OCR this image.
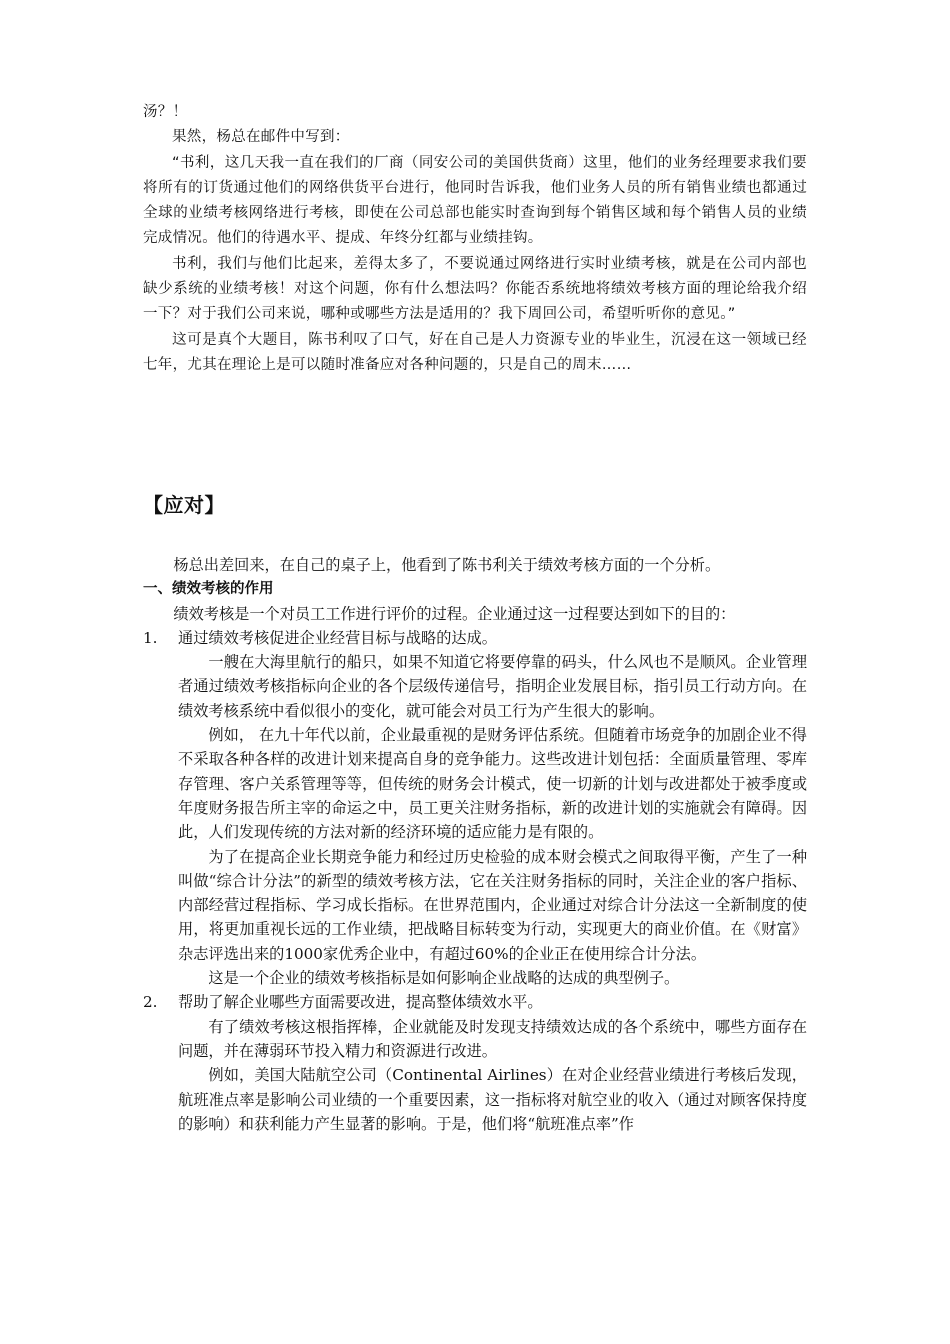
汤？！

果然，杨总在邮件中写到：

“书利，这几天我一直在我们的厂商（同安公司的美国供货商）这里，他们的业务经理要求我们要将所有的订货通过他们的网络供货平台进行，他同时告诉我，他们业务人员的所有销售业绩也都通过全球的业绩考核网络进行考核，即使在公司总部也能实时查询到每个销售区域和每个销售人员的业绩完成情况。他们的待遇水平、提成、年终分红都与业绩挂钩。

书利，我们与他们比起来，差得太多了，不要说通过网络进行实时业绩考核，就是在公司内部也缺少系统的业绩考核！对这个问题，你有什么想法吗？你能否系统地将绩效考核方面的理论给我介绍一下？对于我们公司来说，哪种或哪些方法是适用的？我下周回公司，希望听听你的意见。”

这可是真个大题目，陈书利叹了口气，好在自己是人力资源专业的毕业生，沉浸在这一领域已经七年，尤其在理论上是可以随时准备应对各种问题的，只是自己的周末……

【应对】

杨总出差回来，在自己的桌子上，他看到了陈书利关于绩效考核方面的一个分析。

一、绩效考核的作用

绩效考核是一个对员工工作进行评价的过程。企业通过这一过程要达到如下的目的：

1.	通过绩效考核促进企业经营目标与战略的达成。

一艘在大海里航行的船只，如果不知道它将要停靠的码头，什么风也不是顺风。企业管理者通过绩效考核指标向企业的各个层级传递信号，指明企业发展目标，指引员工行动方向。在绩效考核系统中看似很小的变化，就可能会对员工行为产生很大的影响。

例如， 在九十年代以前，企业最重视的是财务评估系统。但随着市场竞争的加剧企业不得不采取各种各样的改进计划来提高自身的竞争能力。这些改进计划包括：全面质量管理、零库存管理、客户关系管理等等，但传统的财务会计模式，使一切新的计划与改进都处于被季度或年度财务报告所主宰的命运之中，员工更关注财务指标，新的改进计划的实施就会有障碍。因此，人们发现传统的方法对新的经济环境的适应能力是有限的。

为了在提高企业长期竞争能力和经过历史检验的成本财会模式之间取得平衡，产生了一种叫做“综合计分法”的新型的绩效考核方法，它在关注财务指标的同时，关注企业的客户指标、内部经营过程指标、学习成长指标。在世界范围内，企业通过对综合计分法这一全新制度的使用，将更加重视长远的工作业绩，把战略目标转变为行动，实现更大的商业价值。在《财富》杂志评选出来的1000家优秀企业中，有超过60%的企业正在使用综合计分法。

这是一个企业的绩效考核指标是如何影响企业战略的达成的典型例子。

2.	帮助了解企业哪些方面需要改进，提高整体绩效水平。

有了绩效考核这根指挥棒，企业就能及时发现支持绩效达成的各个系统中，哪些方面存在问题，并在薄弱环节投入精力和资源进行改进。

例如，美国大陆航空公司（Continental Airlines）在对企业经营业绩进行考核后发现，航班准点率是影响公司业绩的一个重要因素，这一指标将对航空业的收入（通过对顾客保持度的影响）和获利能力产生显著的影响。于是，他们将“航班准点率”作
